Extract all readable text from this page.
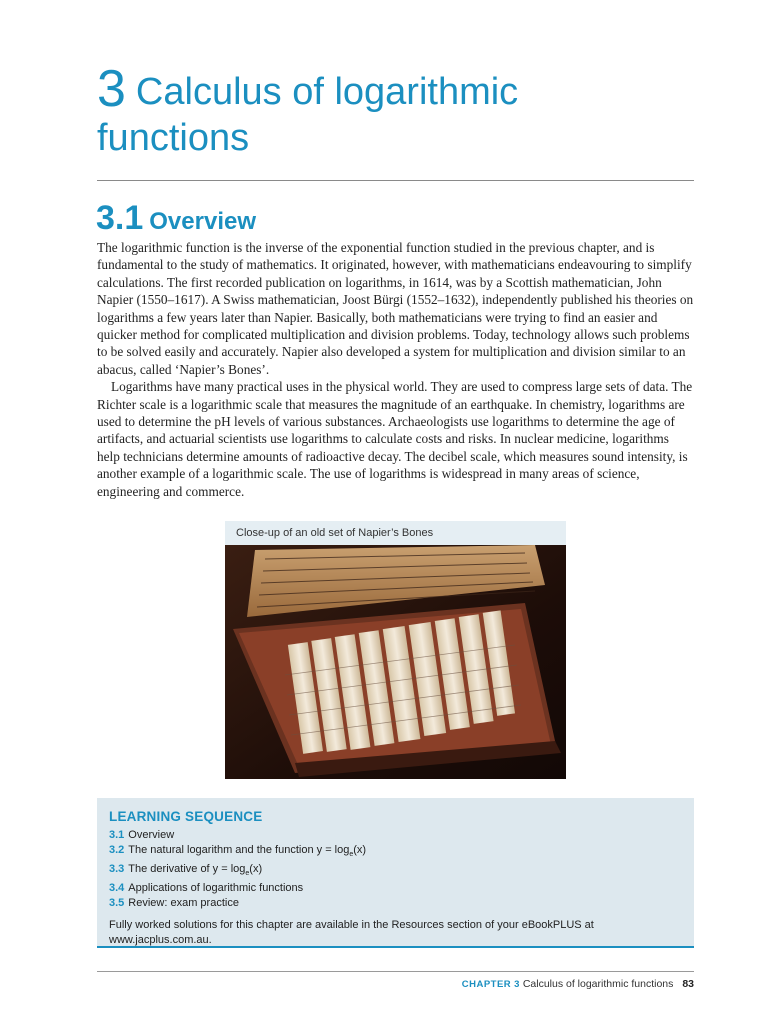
3 Calculus of logarithmic
functions
3.1 Overview

The logarithmic function is the inverse of the exponential function studied in the previous chapter, and is fundamental to the study of mathematics. It originated, however, with mathematicians endeavouring to simplify calculations. The first recorded publication on logarithms, in 1614, was by a Scottish mathematician, John Napier (1550–1617). A Swiss mathematician, Joost Bürgi (1552–1632), independently published his theories on logarithms a few years later than Napier. Basically, both mathematicians were trying to find an easier and quicker method for complicated multiplication and division problems. Today, technology allows such problems to be solved easily and accurately. Napier also developed a system for multiplication and division similar to an abacus, called ‘Napier’s Bones’.

Logarithms have many practical uses in the physical world. They are used to compress large sets of data. The Richter scale is a logarithmic scale that measures the magnitude of an earthquake. In chemistry, logarithms are used to determine the pH levels of various substances. Archaeologists use logarithms to determine the age of artifacts, and actuarial scientists use logarithms to calculate costs and risks. In nuclear medicine, logarithms help technicians determine amounts of radioactive decay. The decibel scale, which measures sound intensity, is another example of a logarithmic scale. The use of logarithms is widespread in many areas of science, engineering and commerce.

Close-up of an old set of Napier’s Bones
LEARNING SEQUENCE
3.1 Overview
3.2 The natural logarithm and the function $y = \log_e(x)$
3.3 The derivative of $y = \log_e(x)$
3.4 Applications of logarithmic functions
3.5 Review: exam practice
Fully worked solutions for this chapter are available in the Resources section of your eBookPLUS at www.jacplus.com.au.
CHAPTER 3 Calculus of logarithmic functions 83
